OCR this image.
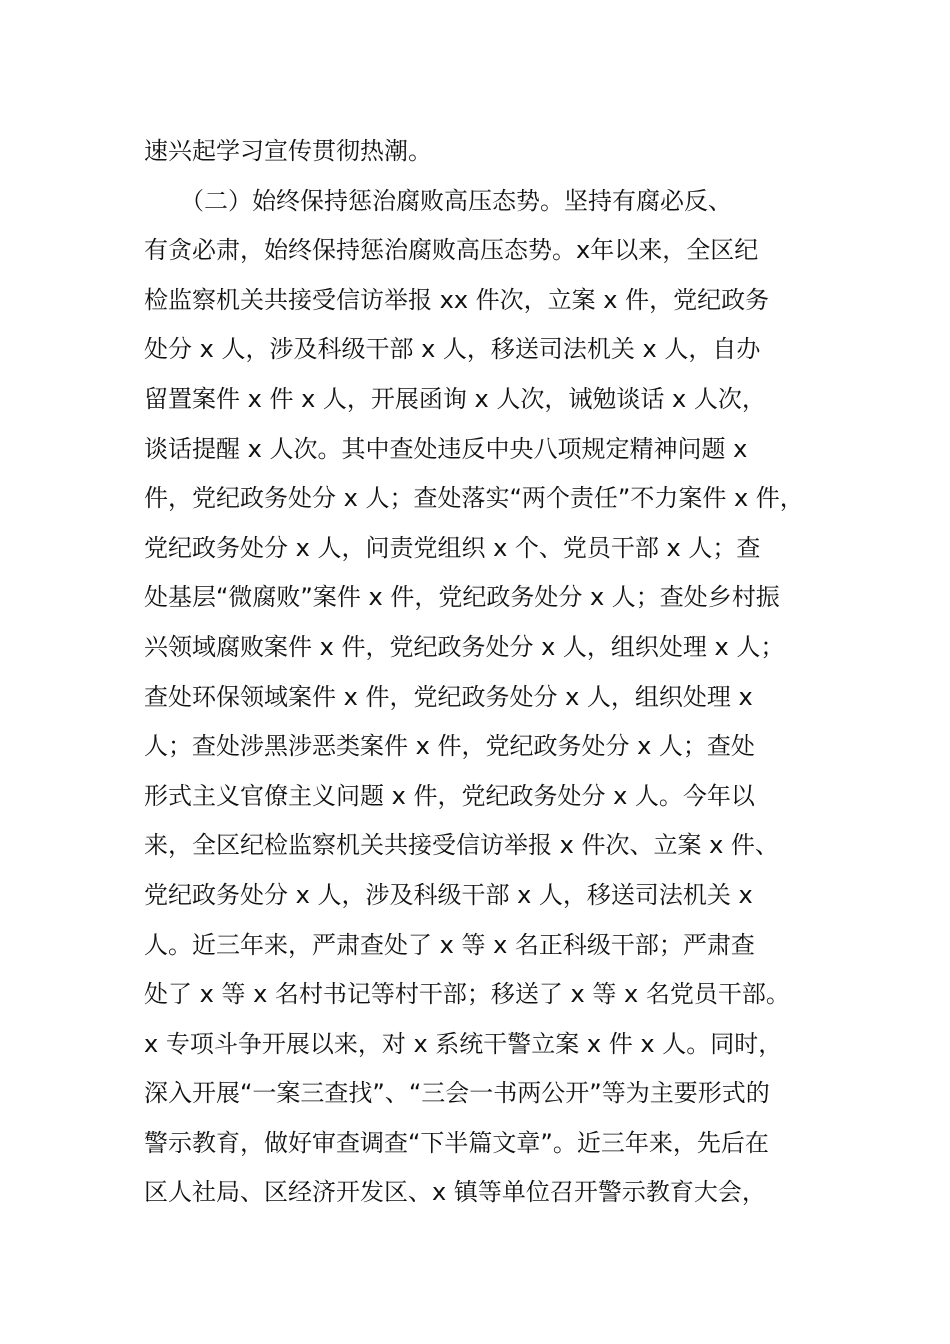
速兴起学习宣传贯彻热潮。
　　（二）始终保持惩治腐败高压态势。坚持有腐必反、
有贪必肃，始终保持惩治腐败高压态势。x年以来，全区纪
检监察机关共接受信访举报 xx 件次，立案 x 件，党纪政务
处分 x 人，涉及科级干部 x 人，移送司法机关 x 人，自办
留置案件 x 件 x 人，开展函询 x 人次，诫勉谈话 x 人次，
谈话提醒 x 人次。其中查处违反中央八项规定精神问题 x
件，党纪政务处分 x 人；查处落实“两个责任”不力案件 x 件，
党纪政务处分 x 人，问责党组织 x 个、党员干部 x 人；查
处基层“微腐败”案件 x 件，党纪政务处分 x 人；查处乡村振
兴领域腐败案件 x 件，党纪政务处分 x 人，组织处理 x 人；
查处环保领域案件 x 件，党纪政务处分 x 人，组织处理 x
人；查处涉黑涉恶类案件 x 件，党纪政务处分 x 人；查处
形式主义官僚主义问题 x 件，党纪政务处分 x 人。今年以
来，全区纪检监察机关共接受信访举报 x 件次、立案 x 件、
党纪政务处分 x 人，涉及科级干部 x 人，移送司法机关 x
人。近三年来，严肃查处了 x 等 x 名正科级干部；严肃查
处了 x 等 x 名村书记等村干部；移送了 x 等 x 名党员干部。
x 专项斗争开展以来，对 x 系统干警立案 x 件 x 人。同时，
深入开展“一案三查找”、“三会一书两公开”等为主要形式的
警示教育，做好审查调查“下半篇文章”。近三年来，先后在
区人社局、区经济开发区、x 镇等单位召开警示教育大会，
